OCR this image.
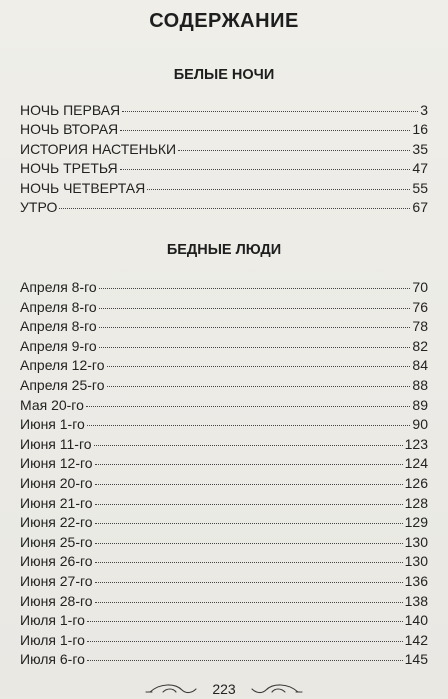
СОДЕРЖАНИЕ
БЕЛЫЕ НОЧИ
НОЧЬ ПЕРВАЯ	3
НОЧЬ ВТОРАЯ	16
ИСТОРИЯ НАСТЕНЬКИ	35
НОЧЬ ТРЕТЬЯ	47
НОЧЬ ЧЕТВЕРТАЯ	55
УТРО	67
БЕДНЫЕ ЛЮДИ
Апреля 8-го	70
Апреля 8-го	76
Апреля 8-го	78
Апреля 9-го	82
Апреля 12-го	84
Апреля 25-го	88
Мая 20-го	89
Июня 1-го	90
Июня 11-го	123
Июня 12-го	124
Июня 20-го	126
Июня 21-го	128
Июня 22-го	129
Июня 25-го	130
Июня 26-го	130
Июня 27-го	136
Июня 28-го	138
Июля 1-го	140
Июля 1-го	142
Июля 6-го	145
223
